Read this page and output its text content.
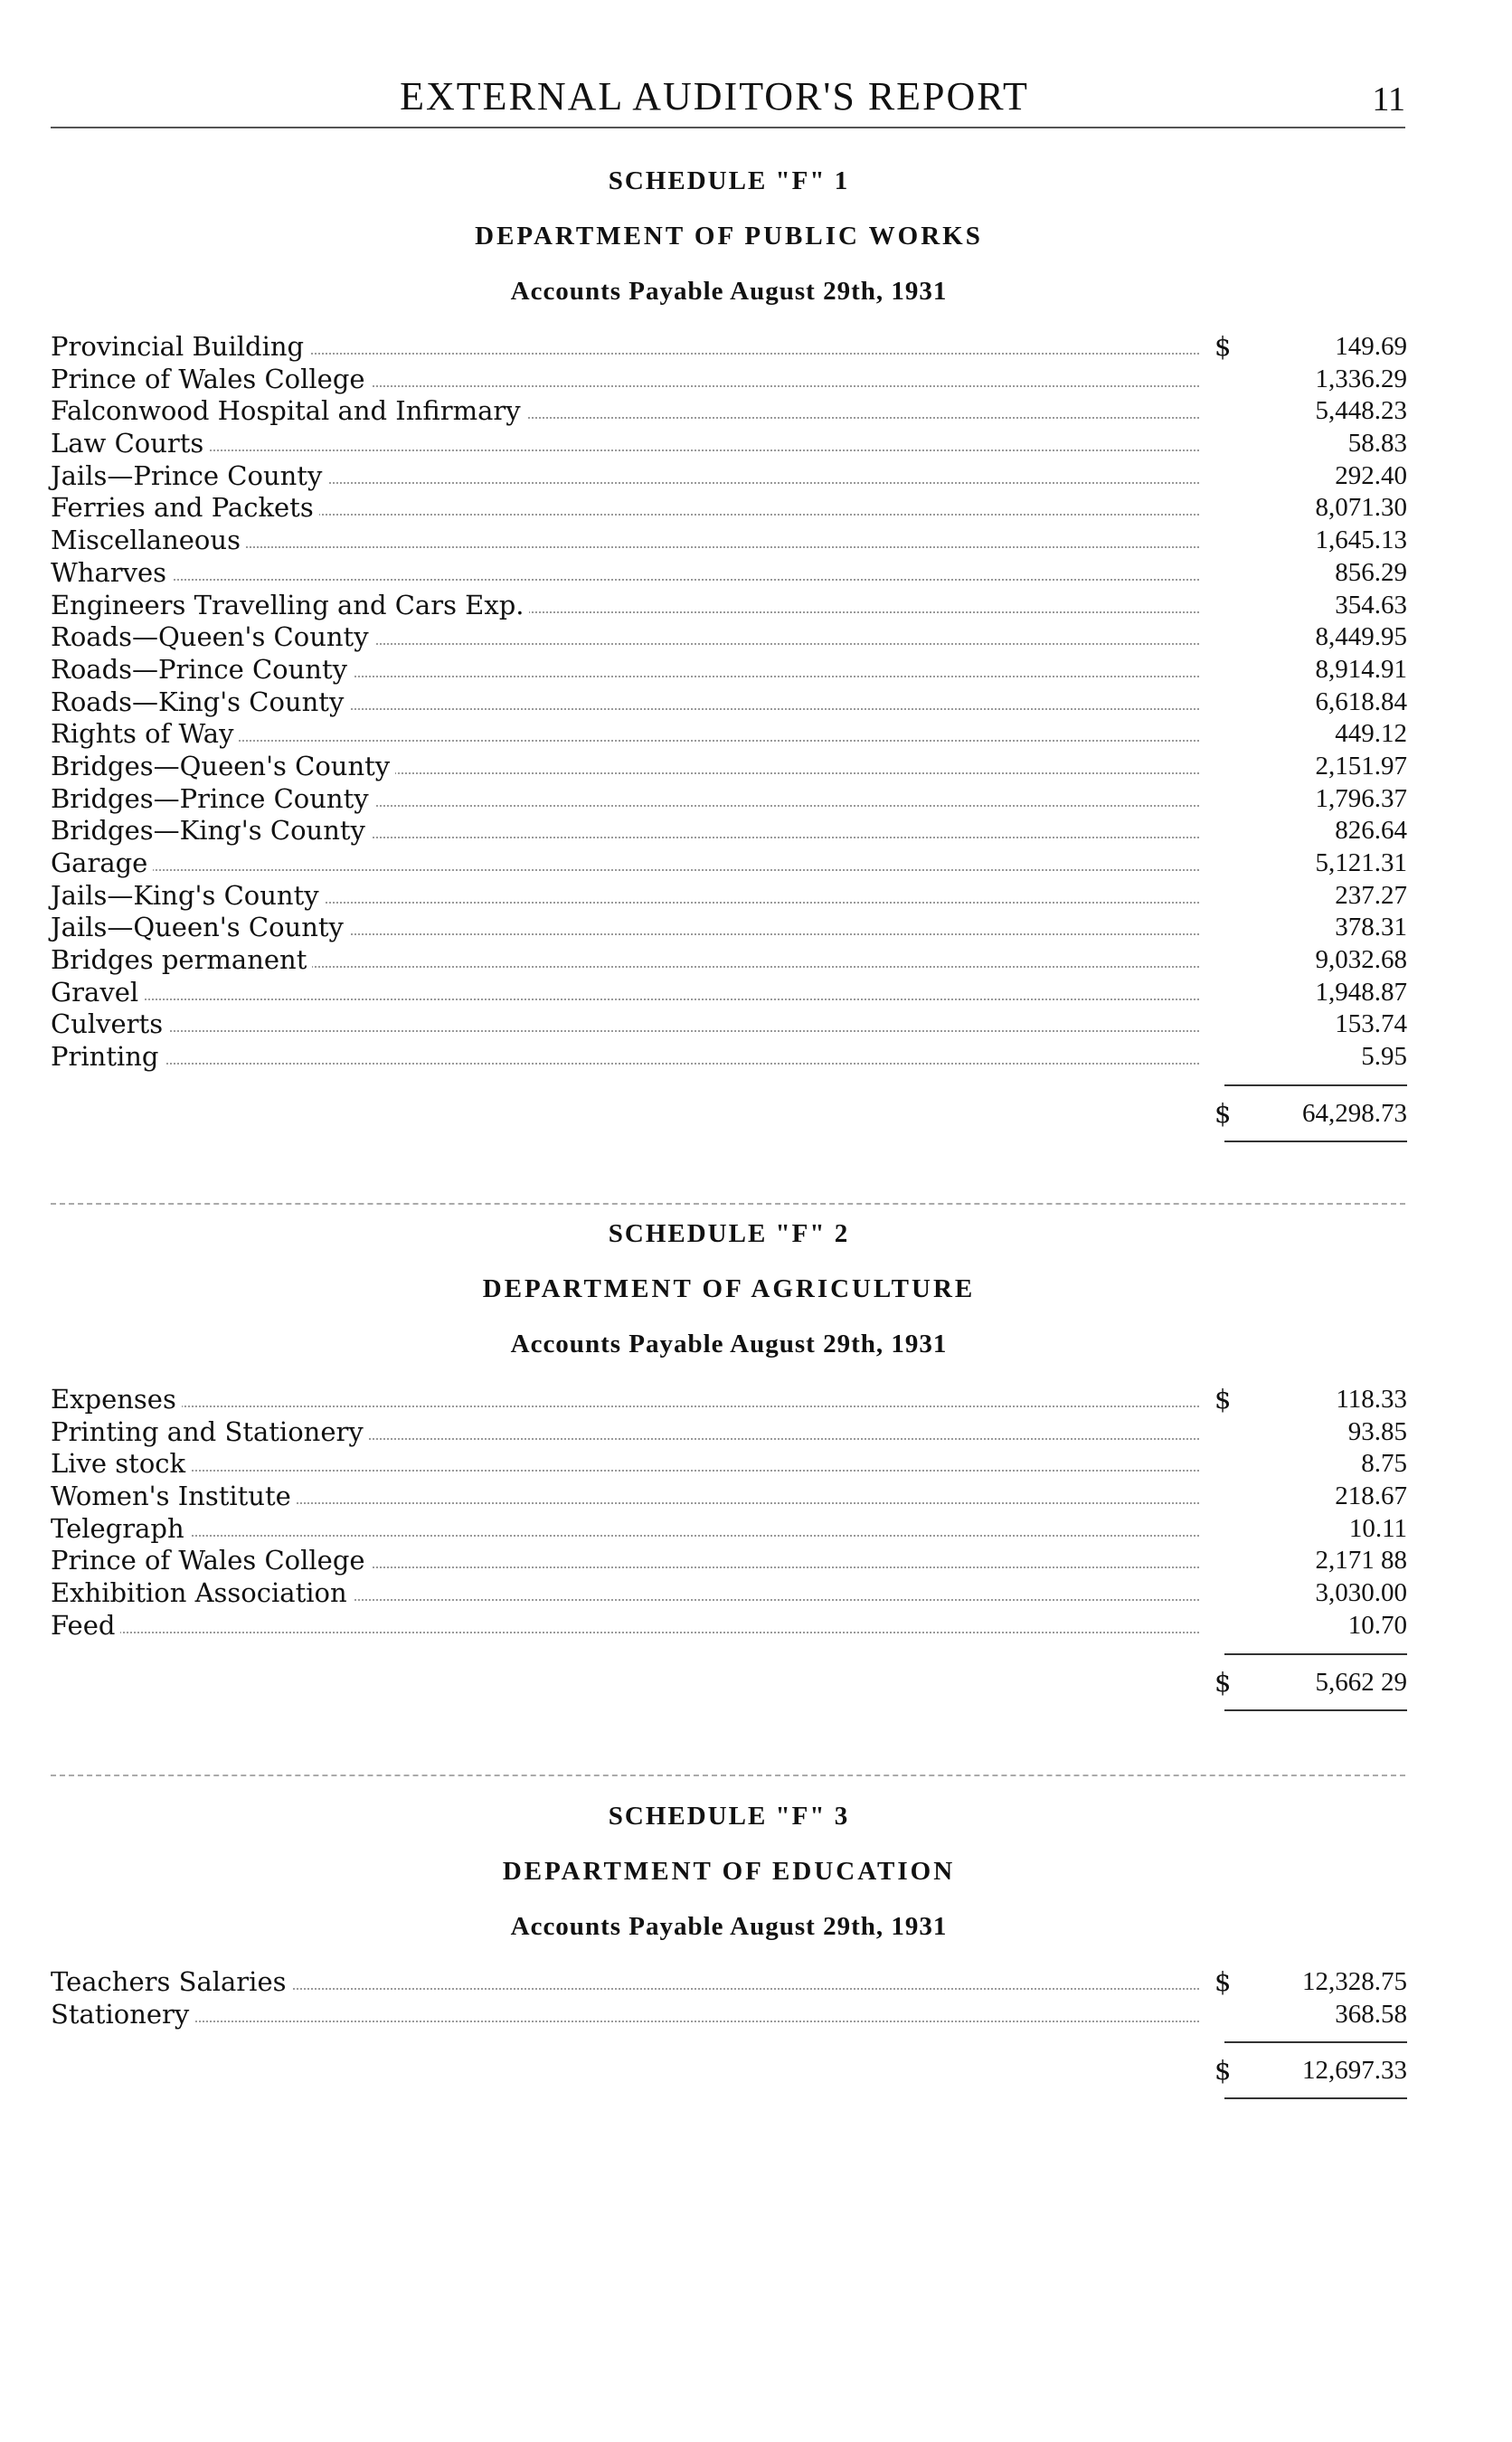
EXTERNAL AUDITOR'S REPORT	11
SCHEDULE "F" 1
DEPARTMENT OF PUBLIC WORKS
Accounts Payable August 29th, 1931
Provincial Building	$	149.69
Prince of Wales College	1,336.29
Falconwood Hospital and Infirmary	5,448.23
Law Courts	58.83
Jails—Prince County	292.40
Ferries and Packets	8,071.30
Miscellaneous	1,645.13
Wharves	856.29
Engineers Travelling and Cars Exp.	354.63
Roads—Queen's County	8,449.95
Roads—Prince County	8,914.91
Roads—King's County	6,618.84
Rights of Way	449.12
Bridges—Queen's County	2,151.97
Bridges—Prince County	1,796.37
Bridges—King's County	826.64
Garage	5,121.31
Jails—King's County	237.27
Jails—Queen's County	378.31
Bridges permanent	9,032.68
Gravel	1,948.87
Culverts	153.74
Printing	5.95
$	64,298.73
SCHEDULE "F" 2
DEPARTMENT OF AGRICULTURE
Accounts Payable August 29th, 1931
Expenses	$	118.33
Printing and Stationery	93.85
Live stock	8.75
Women's Institute	218.67
Telegraph	10.11
Prince of Wales College	2,171 88
Exhibition Association	3,030.00
Feed	10.70
$	5,662 29
SCHEDULE "F" 3
DEPARTMENT OF EDUCATION
Accounts Payable August 29th, 1931
Teachers Salaries	$	12,328.75
Stationery	368.58
$	12,697.33
